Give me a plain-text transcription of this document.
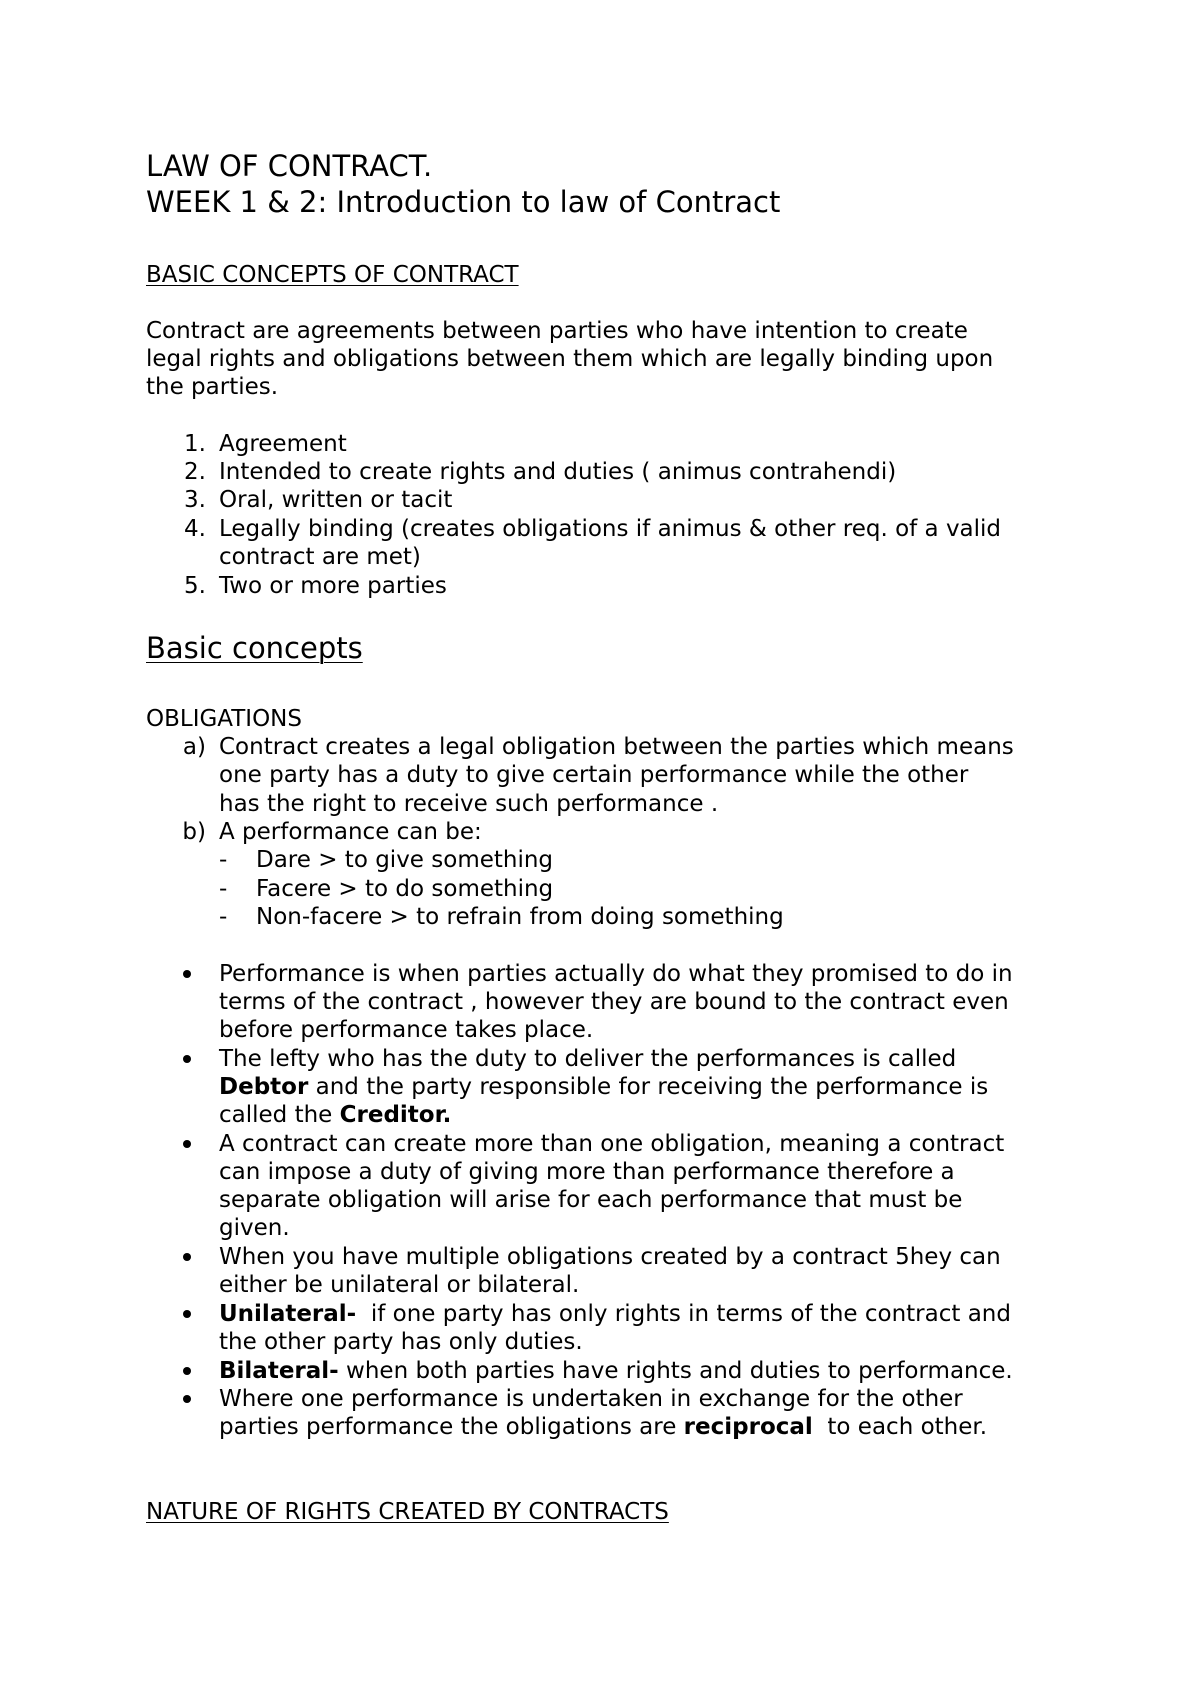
LAW OF CONTRACT.
WEEK 1 & 2: Introduction to law of Contract
BASIC CONCEPTS OF CONTRACT
Contract are agreements between parties who have intention to create
legal rights and obligations between them which are legally binding upon
the parties.
1. Agreement
2. Intended to create rights and duties ( animus contrahendi)
3. Oral, written or tacit
4. Legally binding (creates obligations if animus & other req. of a valid
contract are met)
5. Two or more parties
Basic concepts
OBLIGATIONS
a) Contract creates a legal obligation between the parties which means
one party has a duty to give certain performance while the other
has the right to receive such performance .
b) A performance can be:
- Dare > to give something
- Facere > to do something
- Non-facere > to refrain from doing something
Performance is when parties actually do what they promised to do in
terms of the contract , however they are bound to the contract even
before performance takes place.
The lefty who has the duty to deliver the performances is called
Debtor and the party responsible for receiving the performance is
called the Creditor.
A contract can create more than one obligation, meaning a contract
can impose a duty of giving more than performance therefore a
separate obligation will arise for each performance that must be
given.
When you have multiple obligations created by a contract 5hey can
either be unilateral or bilateral.
Unilateral-  if one party has only rights in terms of the contract and
the other party has only duties.
Bilateral- when both parties have rights and duties to performance.
Where one performance is undertaken in exchange for the other
parties performance the obligations are reciprocal  to each other.
NATURE OF RIGHTS CREATED BY CONTRACTS
